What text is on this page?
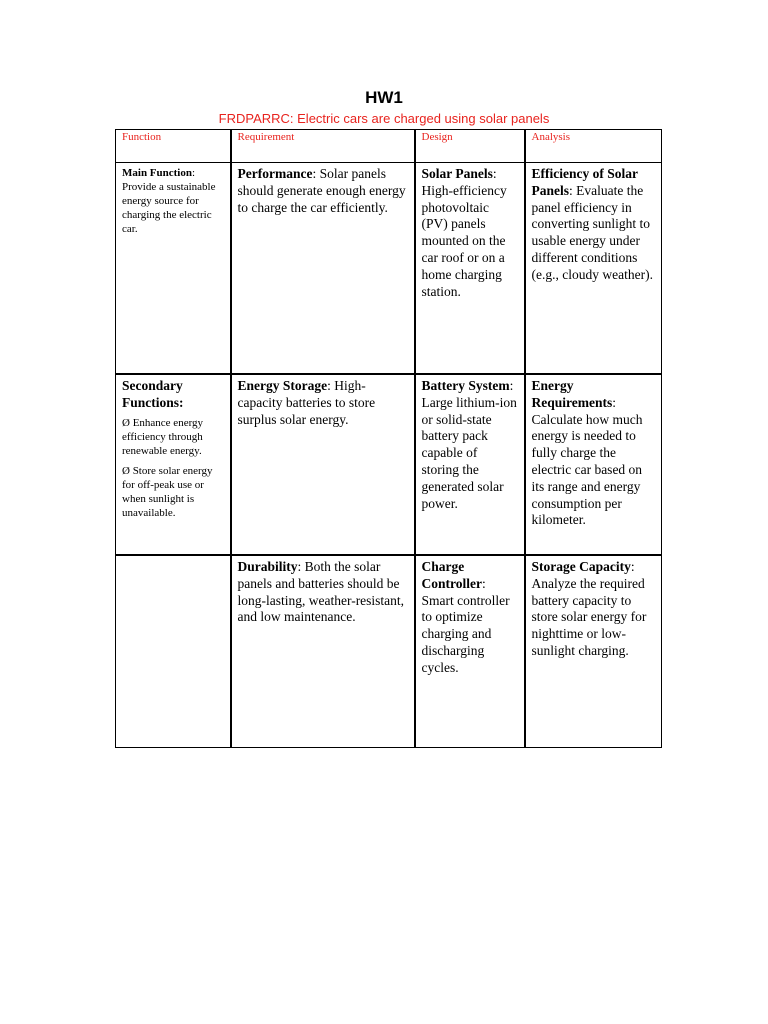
HW1
FRDPARRC: Electric cars are charged using solar panels
Function	Requirement	Design	Analysis
Main Function: Provide a sustainable energy source for charging the electric car.	Performance: Solar panels should generate enough energy to charge the car efficiently.	Solar Panels: High-efficiency photovoltaic (PV) panels mounted on the car roof or on a home charging station.	Efficiency of Solar Panels: Evaluate the panel efficiency in converting sunlight to usable energy under different conditions (e.g., cloudy weather).

Secondary Functions:
Ø Enhance energy efficiency through renewable energy.
Ø Store solar energy for off-peak use or when sunlight is unavailable.	Energy Storage: High-capacity batteries to store surplus solar energy.	Battery System: Large lithium-ion or solid-state battery pack capable of storing the generated solar power.	Energy Requirements: Calculate how much energy is needed to fully charge the electric car based on its range and energy consumption per kilometer.
	Durability: Both the solar panels and batteries should be long-lasting, weather-resistant, and low maintenance.	Charge Controller: Smart controller to optimize charging and discharging cycles.	Storage Capacity: Analyze the required battery capacity to store solar energy for nighttime or low-sunlight charging.
